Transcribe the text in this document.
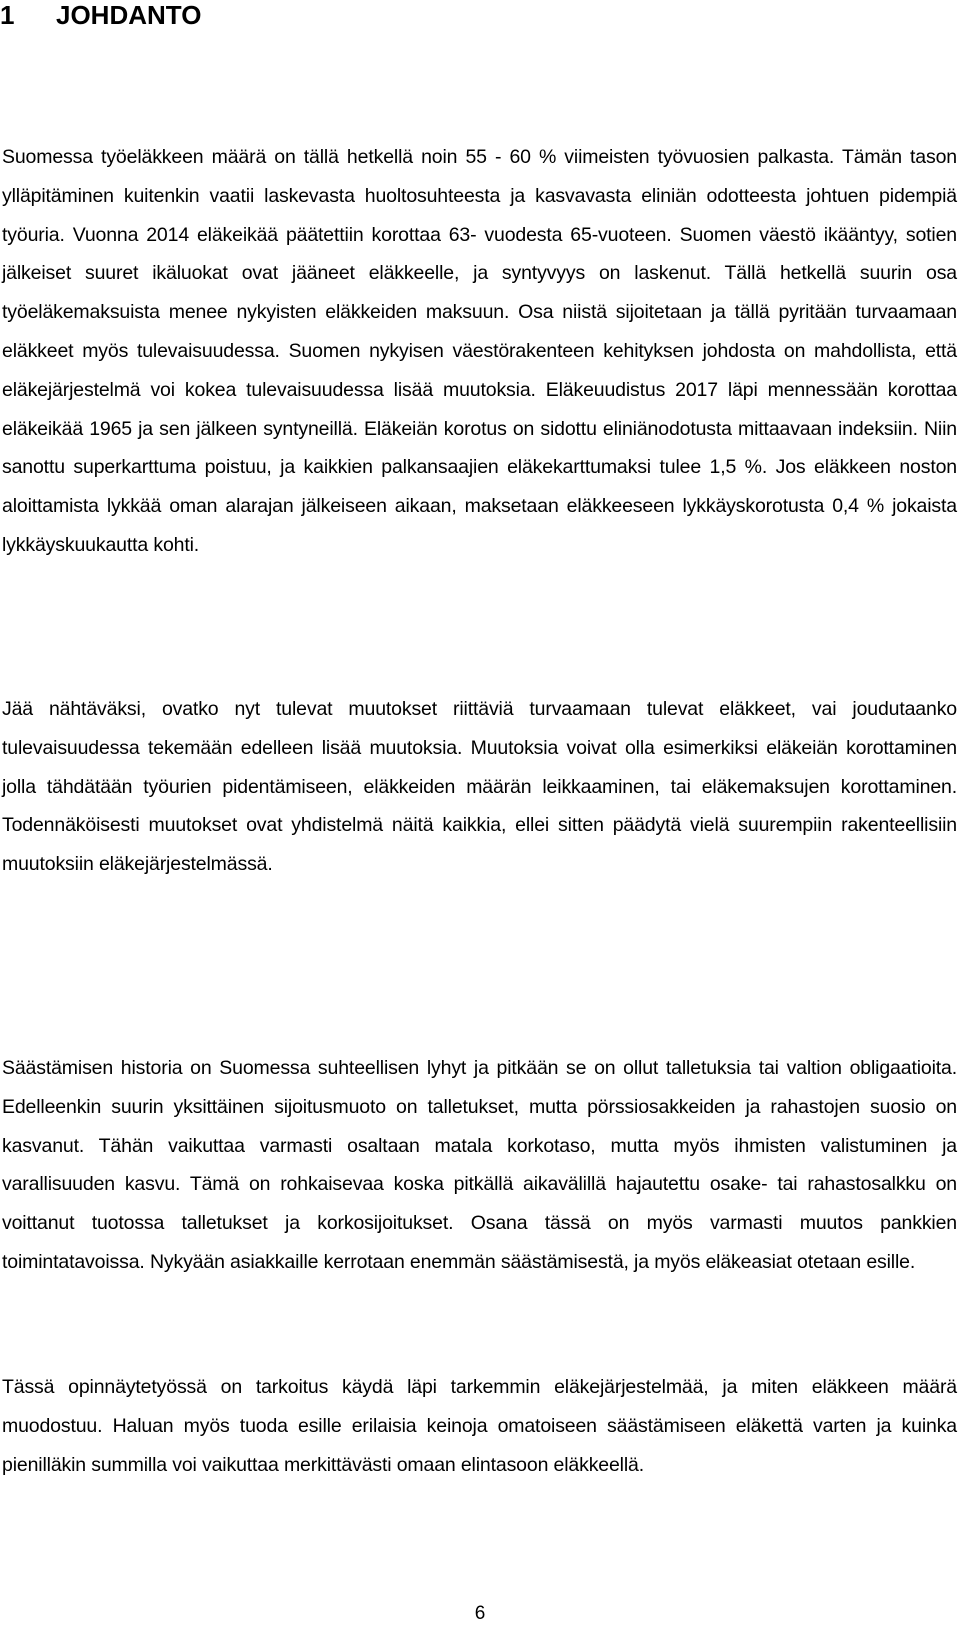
1 JOHDANTO

Suomessa työeläkkeen määrä on tällä hetkellä noin 55 - 60 % viimeisten työvuosien palkasta. Tämän tason ylläpitäminen kuitenkin vaatii laskevasta huoltosuhteesta ja kasvavasta eliniän odotteesta johtuen pidempiä työuria. Vuonna 2014 eläkeikää päätettiin korottaa 63- vuodesta 65-vuoteen. Suomen väestö ikääntyy, sotien jälkeiset suuret ikäluokat ovat jääneet eläkkeelle, ja syntyvyys on laskenut. Tällä hetkellä suurin osa työeläkemaksuista menee nykyisten eläkkeiden maksuun. Osa niistä sijoitetaan ja tällä pyritään turvaamaan eläkkeet myös tulevaisuudessa. Suomen nykyisen väestörakenteen kehityksen johdosta on mahdollista, että eläkejärjestelmä voi kokea tulevaisuudessa lisää muutoksia. Eläkeuudistus 2017 läpi mennessään korottaa eläkeikää 1965 ja sen jälkeen syntyneillä. Eläkeiän korotus on sidottu eliniänodotusta mittaavaan indeksiin. Niin sanottu superkarttuma poistuu, ja kaikkien palkansaajien eläkekarttumaksi tulee 1,5 %. Jos eläkkeen noston aloittamista lykkää oman alarajan jälkeiseen aikaan, maksetaan eläkkeeseen lykkäyskorotusta 0,4 % jokaista lykkäyskuukautta kohti.

Jää nähtäväksi, ovatko nyt tulevat muutokset riittäviä turvaamaan tulevat eläkkeet, vai joudutaanko tulevaisuudessa tekemään edelleen lisää muutoksia. Muutoksia voivat olla esimerkiksi eläkeiän korottaminen jolla tähdätään työurien pidentämiseen, eläkkeiden määrän leikkaaminen, tai eläkemaksujen korottaminen. Todennäköisesti muutokset ovat yhdistelmä näitä kaikkia, ellei sitten päädytä vielä suurempiin rakenteellisiin muutoksiin eläkejärjestelmässä.

Säästämisen historia on Suomessa suhteellisen lyhyt ja pitkään se on ollut talletuksia tai valtion obligaatioita. Edelleenkin suurin yksittäinen sijoitusmuoto on talletukset, mutta pörssiosakkeiden ja rahastojen suosio on kasvanut. Tähän vaikuttaa varmasti osaltaan matala korkotaso, mutta myös ihmisten valistuminen ja varallisuuden kasvu. Tämä on rohkaisevaa koska pitkällä aikavälillä hajautettu osake- tai rahastosalkku on voittanut tuotossa talletukset ja korkosijoitukset. Osana tässä on myös varmasti muutos pankkien toimintatavoissa. Nykyään asiakkaille kerrotaan enemmän säästämisestä, ja myös eläkeasiat otetaan esille.

Tässä opinnäytetyössä on tarkoitus käydä läpi tarkemmin eläkejärjestelmää, ja miten eläkkeen määrä muodostuu. Haluan myös tuoda esille erilaisia keinoja omatoiseen säästämiseen eläkettä varten ja kuinka pienilläkin summilla voi vaikuttaa merkittävästi omaan elintasoon eläkkeellä.

6
